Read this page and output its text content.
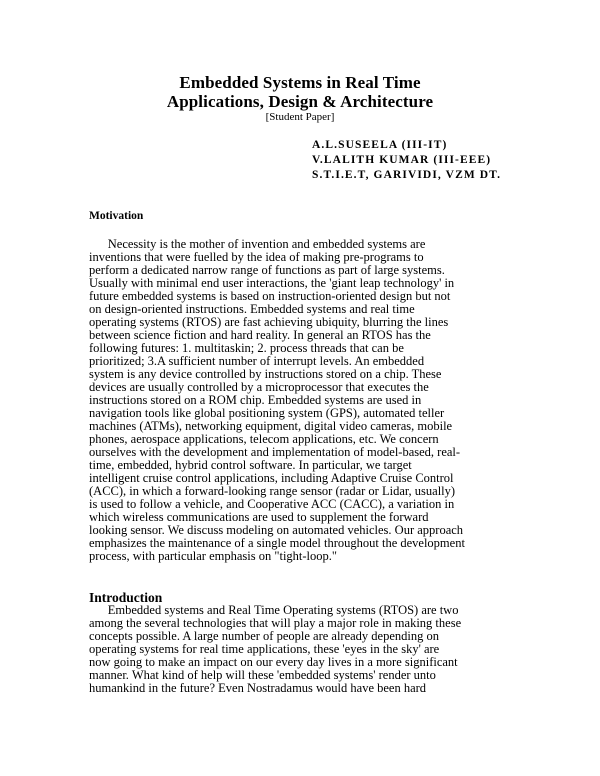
Embedded Systems in Real Time
Applications, Design & Architecture
[Student Paper]
A.L.SUSEELA (III-IT)
V.LALITH KUMAR (III-EEE)
S.T.I.E.T, GARIVIDI, VZM DT.
Motivation
Necessity is the mother of invention and embedded systems are
inventions that were fuelled by the idea of making pre-programs to
perform a dedicated narrow range of functions as part of large systems.
Usually with minimal end user interactions, the 'giant leap technology' in
future embedded systems is based on instruction-oriented design but not
on design-oriented instructions. Embedded systems and real time
operating systems (RTOS) are fast achieving ubiquity, blurring the lines
between science fiction and hard reality. In general an RTOS has the
following futures: 1. multitaskin; 2. process threads that can be
prioritized; 3.A sufficient number of interrupt levels. An embedded
system is any device controlled by instructions stored on a chip. These
devices are usually controlled by a microprocessor that executes the
instructions stored on a ROM chip. Embedded systems are used in
navigation tools like global positioning system (GPS), automated teller
machines (ATMs), networking equipment, digital video cameras, mobile
phones, aerospace applications, telecom applications, etc. We concern
ourselves with the development and implementation of model-based, real-
time, embedded, hybrid control software. In particular, we target
intelligent cruise control applications, including Adaptive Cruise Control
(ACC), in which a forward-looking range sensor (radar or Lidar, usually)
is used to follow a vehicle, and Cooperative ACC (CACC), a variation in
which wireless communications are used to supplement the forward
looking sensor. We discuss modeling on automated vehicles. Our approach
emphasizes the maintenance of a single model throughout the development
process, with particular emphasis on "tight-loop."
Introduction
Embedded systems and Real Time Operating systems (RTOS) are two
among the several technologies that will play a major role in making these
concepts possible. A large number of people are already depending on
operating systems for real time applications, these 'eyes in the sky' are
now going to make an impact on our every day lives in a more significant
manner. What kind of help will these 'embedded systems' render unto
humankind in the future? Even Nostradamus would have been hard
